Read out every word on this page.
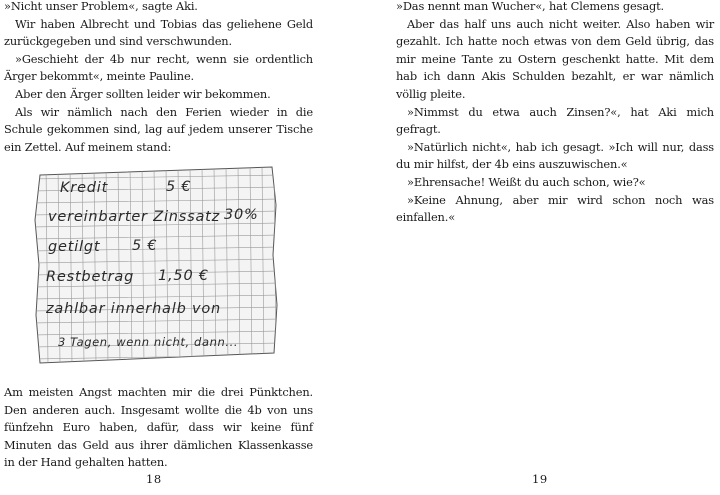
»Nicht unser Problem«, sagte Aki.

Wir haben Albrecht und Tobias das geliehene Geld zurückgegeben und sind verschwunden.

»Geschieht der 4b nur recht, wenn sie ordentlich Ärger bekommt«, meinte Pauline.

Aber den Ärger sollten leider wir bekommen.

Als wir nämlich nach den Ferien wieder in die Schule gekommen sind, lag auf jedem unserer Tische ein Zettel. Auf meinem stand:

Kredit	5 €
vereinbarter Zinssatz 30%
getilgt 5 €
Restbetrag 1,50 €
zahlbar innerhalb von
3 Tagen, wenn nicht, dann...

Am meisten Angst machten mir die drei Pünktchen. Den anderen auch. Insgesamt wollte die 4b von uns fünfzehn Euro haben, dafür, dass wir keine fünf Minuten das Geld aus ihrer dämlichen Klassenkasse in der Hand gehalten hatten.

18

»Das nennt man Wucher«, hat Clemens gesagt.

Aber das half uns auch nicht weiter. Also haben wir gezahlt. Ich hatte noch etwas von dem Geld übrig, das mir meine Tante zu Ostern geschenkt hatte. Mit dem hab ich dann Akis Schulden bezahlt, er war nämlich völlig pleite.

»Nimmst du etwa auch Zinsen?«, hat Aki mich gefragt.

»Natürlich nicht«, hab ich gesagt. »Ich will nur, dass du mir hilfst, der 4b eins auszuwischen.«

»Ehrensache! Weißt du auch schon, wie?«

»Keine Ahnung, aber mir wird schon noch was einfallen.«

19
